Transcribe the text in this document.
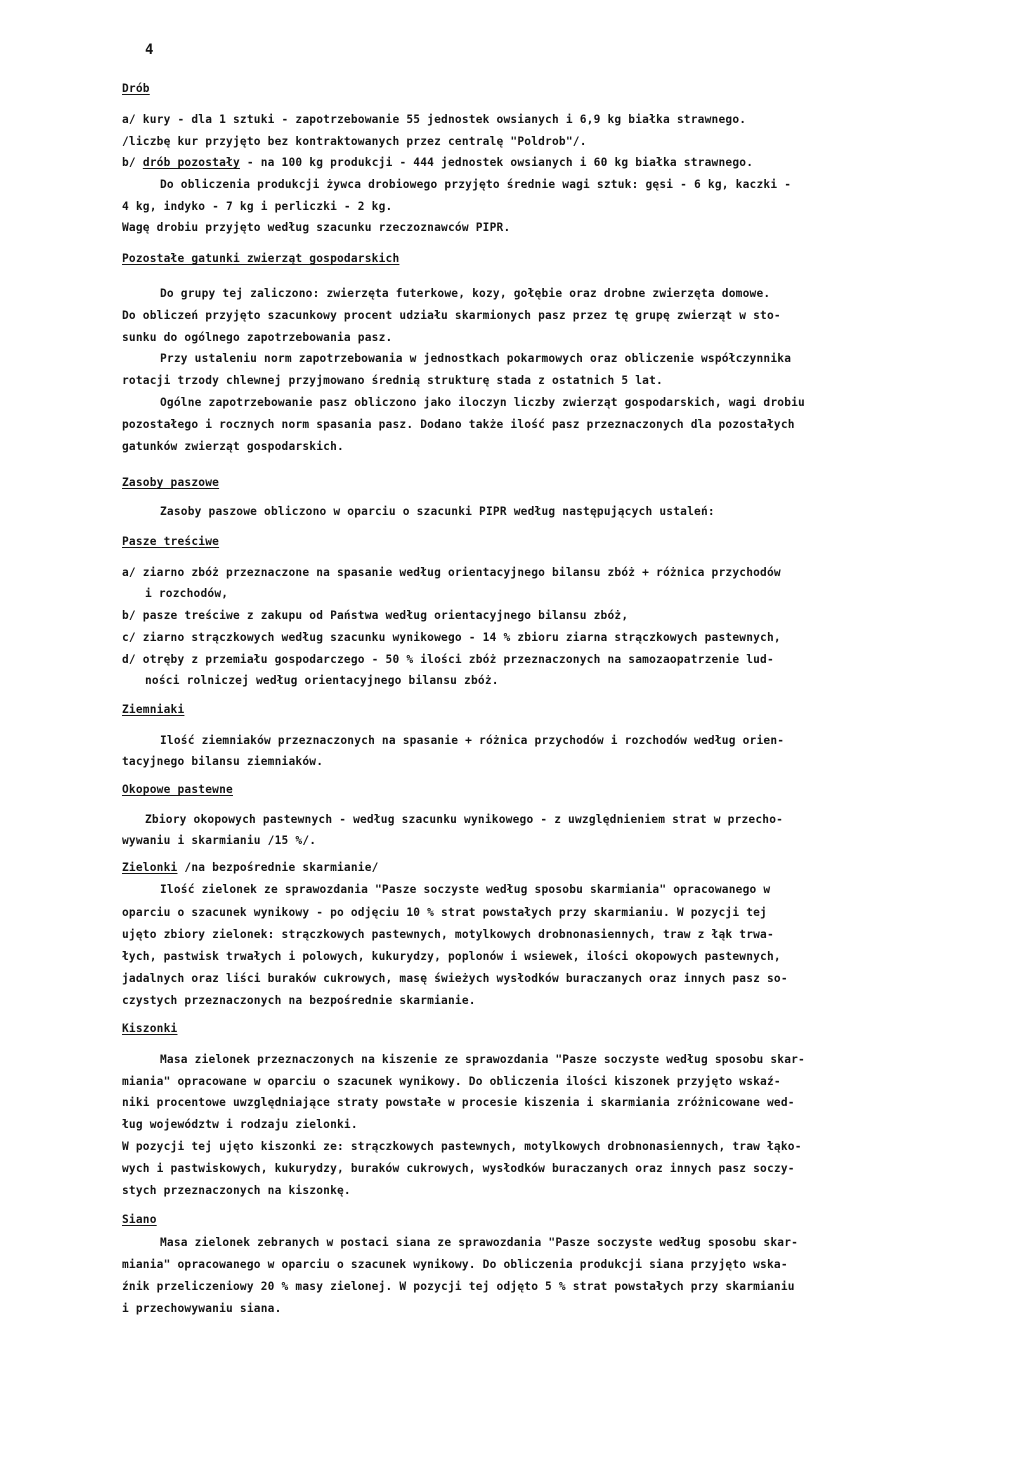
4
Drób
a/ kury - dla 1 sztuki - zapotrzebowanie 55 jednostek owsianych i 6,9 kg białka strawnego.
/liczbę kur przyjęto bez kontraktowanych przez centralę "Poldrob"/.
b/ drób pozostały - na 100 kg produkcji - 444 jednostek owsianych i 60 kg białka strawnego.
Do obliczenia produkcji żywca drobiowego przyjęto średnie wagi sztuk: gęsi - 6 kg, kaczki -
4 kg, indyko - 7 kg i perliczki - 2 kg.
Wagę drobiu przyjęto według szacunku rzeczoznawców PIPR.
Pozostałe gatunki zwierząt gospodarskich
Do grupy tej zaliczono: zwierzęta futerkowe, kozy, gołębie oraz drobne zwierzęta domowe.
Do obliczeń przyjęto szacunkowy procent udziału skarmionych pasz przez tę grupę zwierząt w sto-
sunku do ogólnego zapotrzebowania pasz.
Przy ustaleniu norm zapotrzebowania w jednostkach pokarmowych oraz obliczenie współczynnika
rotacji trzody chlewnej przyjmowano średnią strukturę stada z ostatnich 5 lat.
Ogólne zapotrzebowanie pasz obliczono jako iloczyn liczby zwierząt gospodarskich, wagi drobiu
pozostałego i rocznych norm spasania pasz. Dodano także ilość pasz przeznaczonych dla pozostałych
gatunków zwierząt gospodarskich.
Zasoby paszowe
Zasoby paszowe obliczono w oparciu o szacunki PIPR według następujących ustaleń:
Pasze treściwe
a/ ziarno zbóż przeznaczone na spasanie według orientacyjnego bilansu zbóż + różnica przychodów
i rozchodów,
b/ pasze treściwe z zakupu od Państwa według orientacyjnego bilansu zbóż,
c/ ziarno strączkowych według szacunku wynikowego - 14 % zbioru ziarna strączkowych pastewnych,
d/ otręby z przemiału gospodarczego - 50 % ilości zbóż przeznaczonych na samozaopatrzenie lud-
ności rolniczej według orientacyjnego bilansu zbóż.
Ziemniaki
Ilość ziemniaków przeznaczonych na spasanie + różnica przychodów i rozchodów według orien-
tacyjnego bilansu ziemniaków.
Okopowe pastewne
Zbiory okopowych pastewnych - według szacunku wynikowego - z uwzględnieniem strat w przecho-
wywaniu i skarmianiu /15 %/.
Zielonki /na bezpośrednie skarmianie/
Ilość zielonek ze sprawozdania "Pasze soczyste według sposobu skarmiania" opracowanego w
oparciu o szacunek wynikowy - po odjęciu 10 % strat powstałych przy skarmianiu. W pozycji tej
ujęto zbiory zielonek: strączkowych pastewnych, motylkowych drobnonasiennych, traw z łąk trwa-
łych, pastwisk trwałych i polowych, kukurydzy, poplonów i wsiewek, ilości okopowych pastewnych,
jadalnych oraz liści buraków cukrowych, masę świeżych wysłodków buraczanych oraz innych pasz so-
czystych przeznaczonych na bezpośrednie skarmianie.
Kiszonki
Masa zielonek przeznaczonych na kiszenie ze sprawozdania "Pasze soczyste według sposobu skar-
miania" opracowane w oparciu o szacunek wynikowy. Do obliczenia ilości kiszonek przyjęto wskaź-
niki procentowe uwzględniające straty powstałe w procesie kiszenia i skarmiania zróżnicowane wed-
ług województw i rodzaju zielonki.
W pozycji tej ujęto kiszonki ze: strączkowych pastewnych, motylkowych drobnonasiennych, traw łąko-
wych i pastwiskowych, kukurydzy, buraków cukrowych, wysłodków buraczanych oraz innych pasz soczy-
stych przeznaczonych na kiszonkę.
Siano
Masa zielonek zebranych w postaci siana ze sprawozdania "Pasze soczyste według sposobu skar-
miania" opracowanego w oparciu o szacunek wynikowy. Do obliczenia produkcji siana przyjęto wska-
źnik przeliczeniowy 20 % masy zielonej. W pozycji tej odjęto 5 % strat powstałych przy skarmianiu
i przechowywaniu siana.
